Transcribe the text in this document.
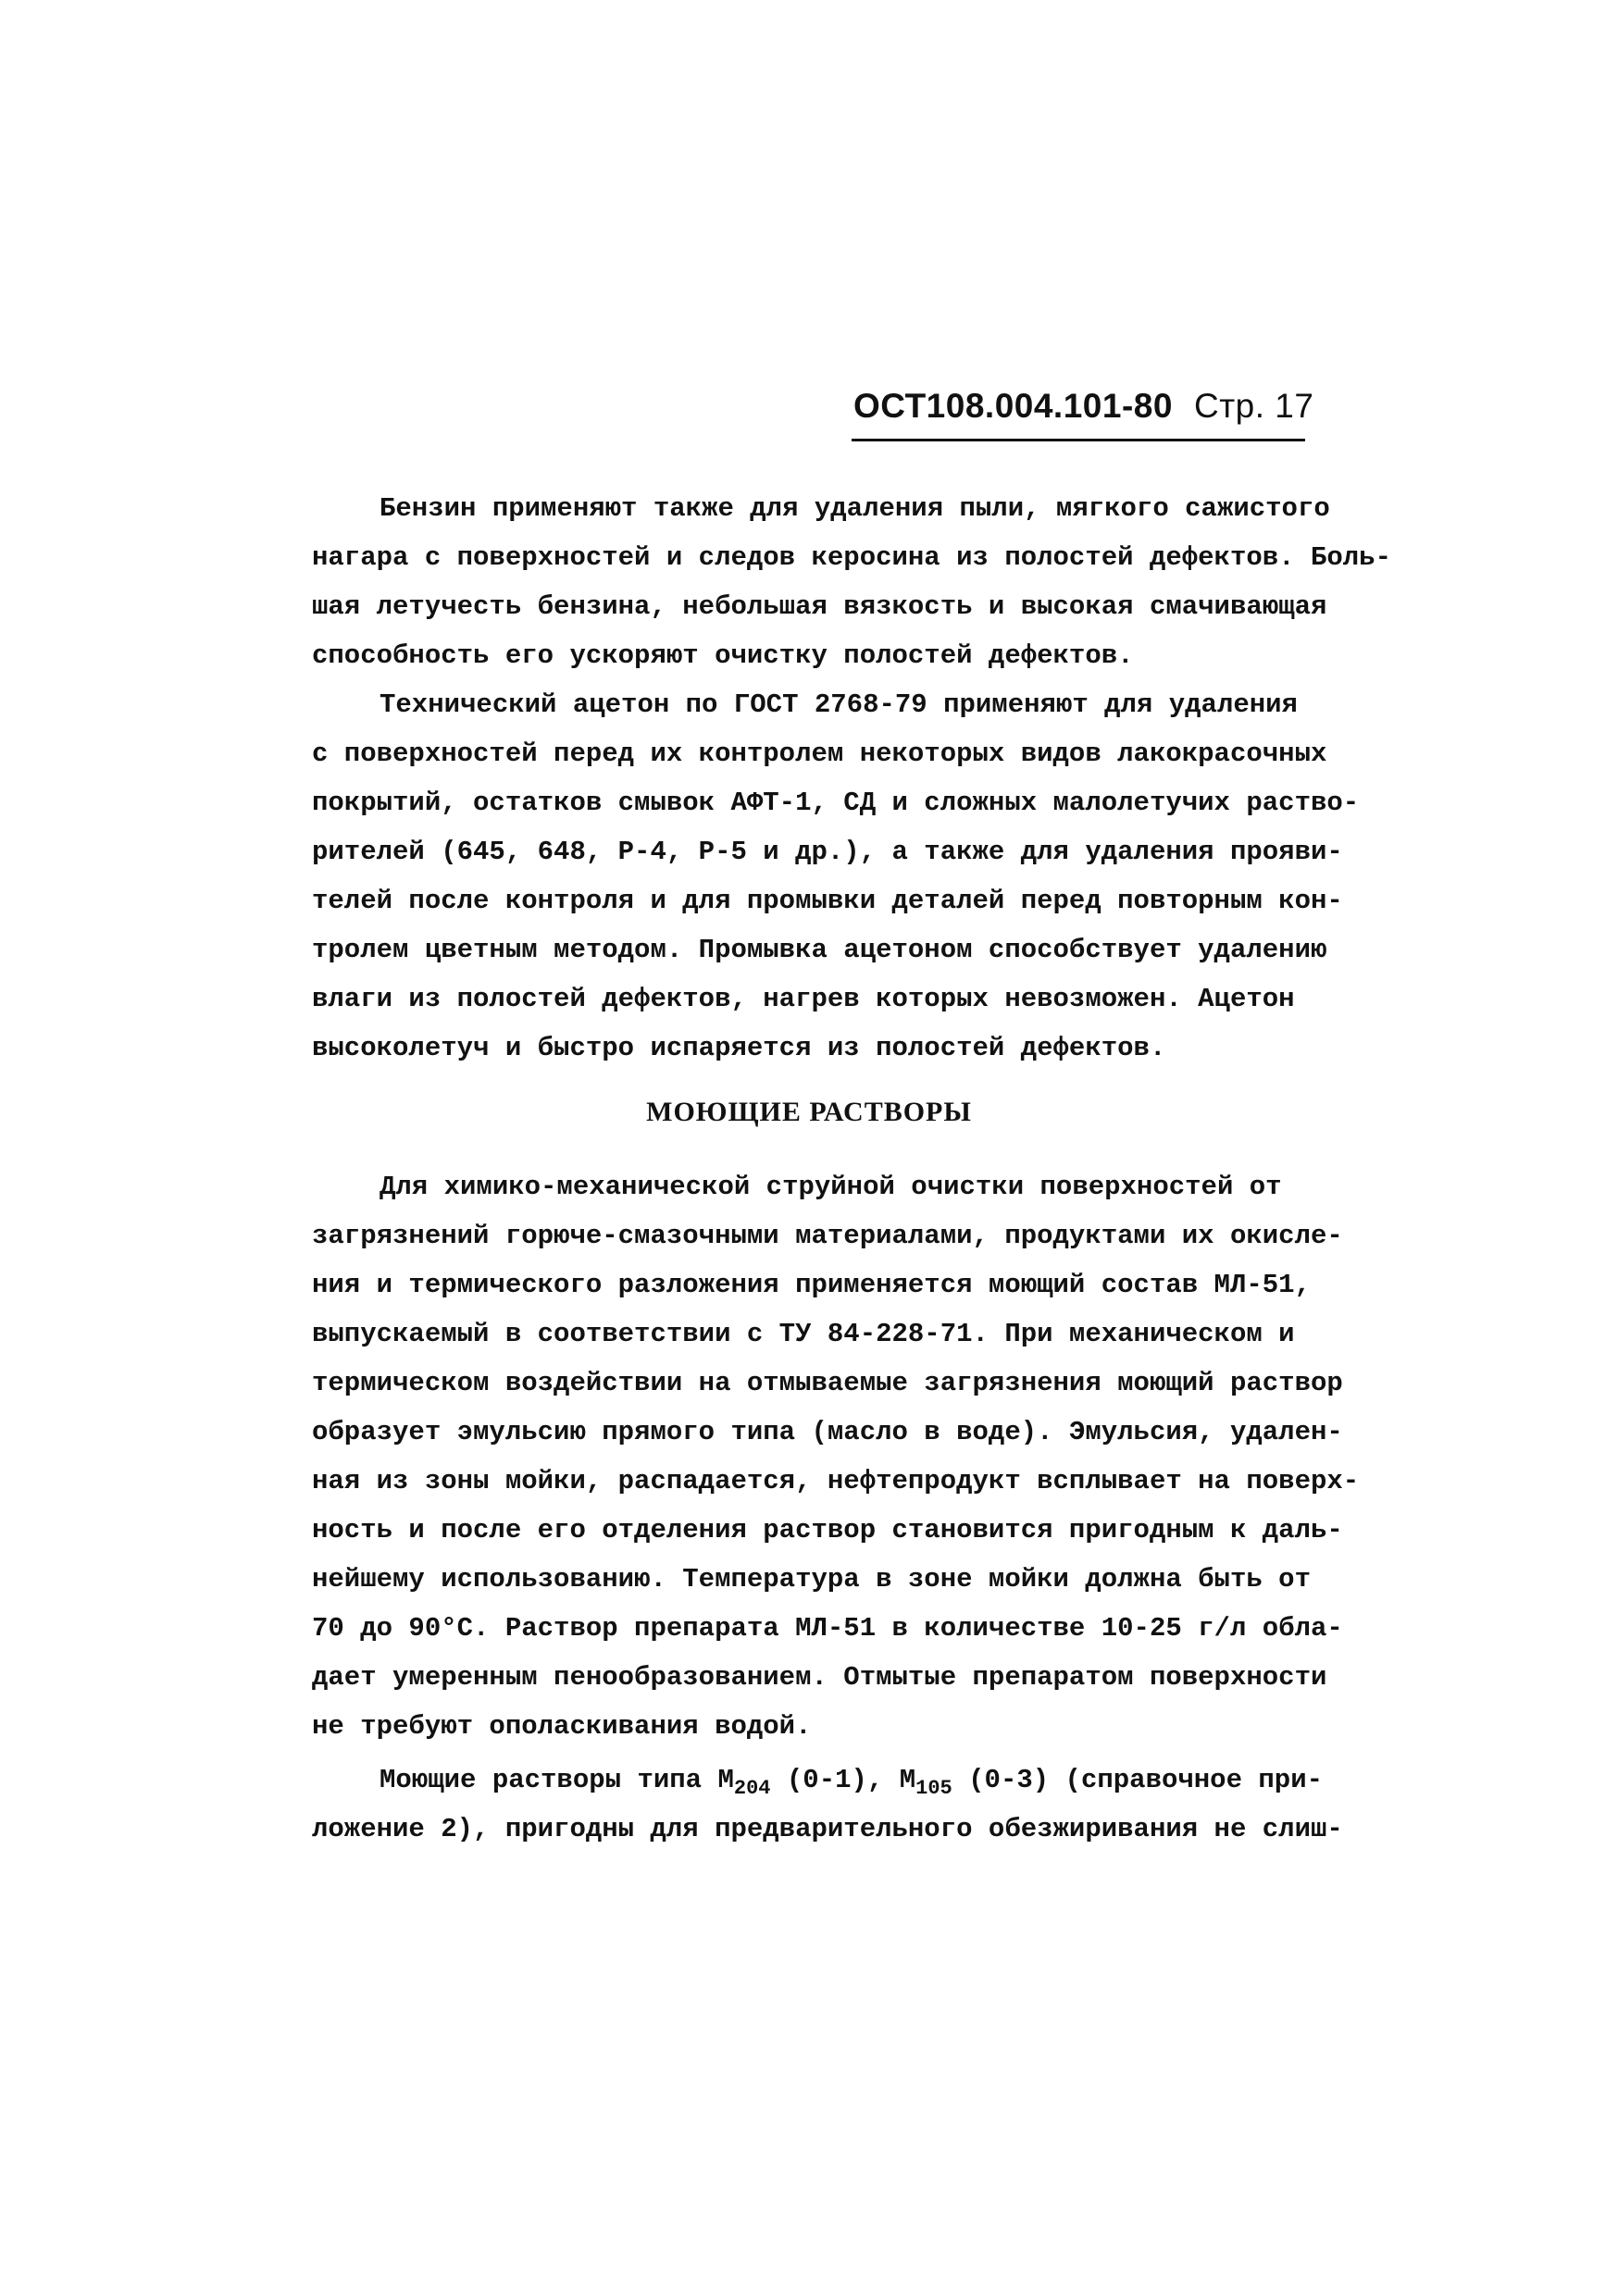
ОСТ108.004.101-80 Стр. 17
Бензин применяют также для удаления пыли, мягкого сажистого
нагара с поверхностей и следов керосина из полостей дефектов. Боль-
шая летучесть бензина, небольшая вязкость и высокая смачивающая
способность его ускоряют очистку полостей дефектов.
Технический ацетон по ГОСТ 2768-79 применяют для удаления
с поверхностей перед их контролем некоторых видов лакокрасочных
покрытий, остатков смывок АФТ-1, СД и сложных малолетучих раство-
рителей (645, 648, Р-4, Р-5 и др.), а также для удаления прояви-
телей после контроля и для промывки деталей перед повторным кон-
тролем цветным методом. Промывка ацетоном способствует удалению
влаги из полостей дефектов, нагрев которых невозможен. Ацетон
высоколетуч и быстро испаряется из полостей дефектов.
МОЮЩИЕ РАСТВОРЫ
Для химико-механической струйной очистки поверхностей от
загрязнений горюче-смазочными материалами, продуктами их окисле-
ния и термического разложения применяется моющий состав МЛ-51,
выпускаемый в соответствии с ТУ 84-228-71. При механическом и
термическом воздействии на отмываемые загрязнения моющий раствор
образует эмульсию прямого типа (масло в воде). Эмульсия, удален-
ная из зоны мойки, распадается, нефтепродукт всплывает на поверх-
ность и после его отделения раствор становится пригодным к даль-
нейшему использованию. Температура в зоне мойки должна быть от
70 до 90°С. Раствор препарата МЛ-51 в количестве 10-25 г/л обла-
дает умеренным пенообразованием. Отмытые препаратом поверхности
не требуют ополаскивания водой.
Моющие растворы типа $М_{204}$ (0-1), $М_{105}$ (0-3) (справочное при-
ложение 2), пригодны для предварительного обезжиривания не слиш-
